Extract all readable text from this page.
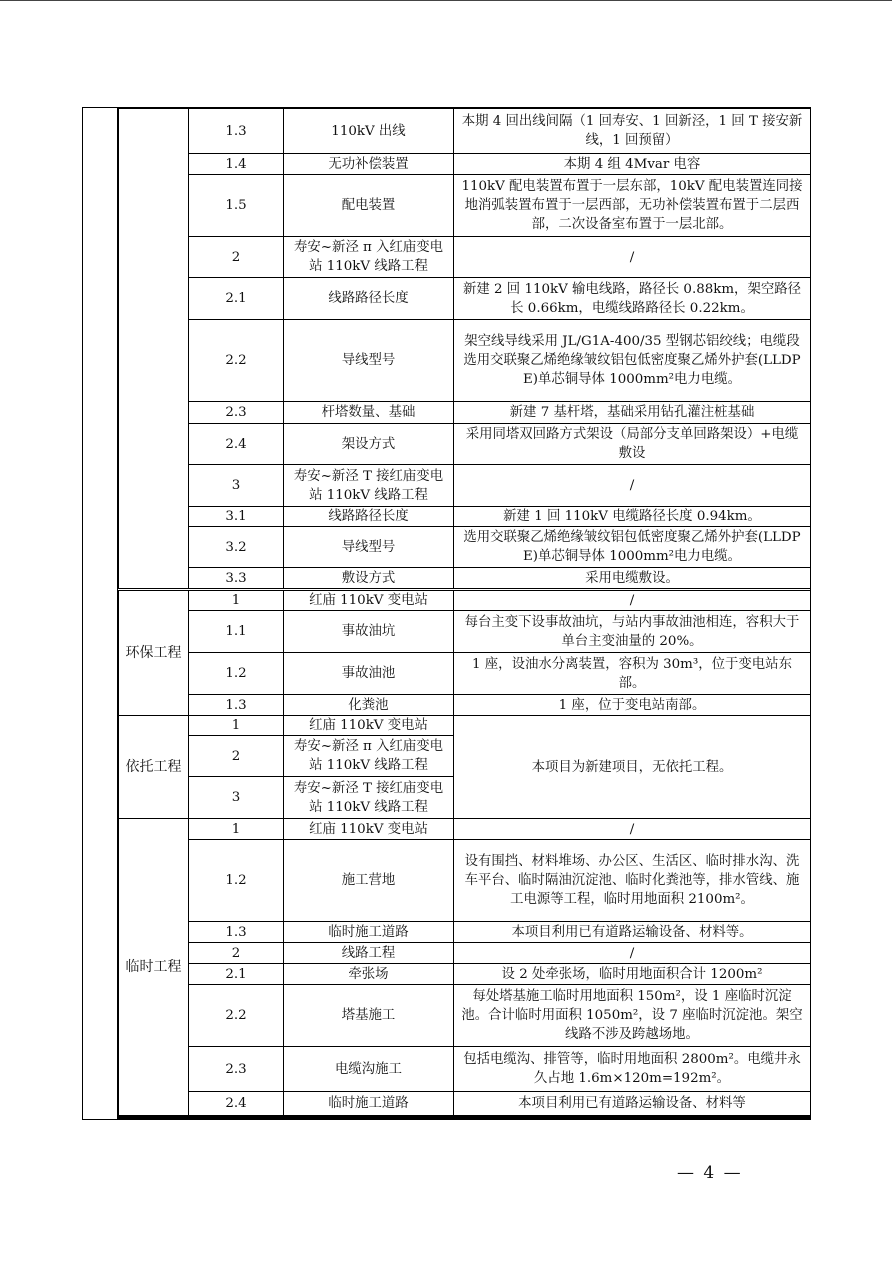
	1.3	110kV 出线	本期 4 回出线间隔（1 回寿安、1 回新泾，1 回 T 接安新线，1 回预留）
	1.4	无功补偿装置	本期 4 组 4Mvar 电容
	1.5	配电装置	110kV 配电装置布置于一层东部，10kV 配电装置连同接地消弧装置布置于一层西部，无功补偿装置布置于二层西部，二次设备室布置于一层北部。
	2	寿安~新泾 π 入红庙变电站 110kV 线路工程	/
	2.1	线路路径长度	新建 2 回 110kV 输电线路，路径长 0.88km，架空路径长 0.66km，电缆线路路径长 0.22km。
	2.2	导线型号	架空线导线采用 JL/G1A-400/35 型钢芯铝绞线；电缆段选用交联聚乙烯绝缘皱纹铝包低密度聚乙烯外护套(LLDPE)单芯铜导体 1000mm²电力电缆。
	2.3	杆塔数量、基础	新建 7 基杆塔，基础采用钻孔灌注桩基础
	2.4	架设方式	采用同塔双回路方式架设（局部分支单回路架设）+电缆敷设
	3	寿安~新泾 T 接红庙变电站 110kV 线路工程	/
	3.1	线路路径长度	新建 1 回 110kV 电缆路径长度 0.94km。
	3.2	导线型号	选用交联聚乙烯绝缘皱纹铝包低密度聚乙烯外护套(LLDPE)单芯铜导体 1000mm²电力电缆。
	3.3	敷设方式	采用电缆敷设。
环保工程	1	红庙 110kV 变电站	/
	1.1	事故油坑	每台主变下设事故油坑，与站内事故油池相连，容积大于单台主变油量的 20%。
	1.2	事故油池	1 座，设油水分离装置，容积为 30m³，位于变电站东部。
	1.3	化粪池	1 座，位于变电站南部。
依托工程	1	红庙 110kV 变电站	本项目为新建项目，无依托工程。
	2	寿安~新泾 π 入红庙变电站 110kV 线路工程	
	3	寿安~新泾 T 接红庙变电站 110kV 线路工程	
临时工程	1	红庙 110kV 变电站	/
	1.2	施工营地	设有围挡、材料堆场、办公区、生活区、临时排水沟、洗车平台、临时隔油沉淀池、临时化粪池等，排水管线、施工电源等工程，临时用地面积 2100m²。
	1.3	临时施工道路	本项目利用已有道路运输设备、材料等。
	2	线路工程	/
	2.1	牵张场	设 2 处牵张场，临时用地面积合计 1200m²
	2.2	塔基施工	每处塔基施工临时用地面积 150m²，设 1 座临时沉淀池。合计临时用面积 1050m²，设 7 座临时沉淀池。架空线路不涉及跨越场地。
	2.3	电缆沟施工	包括电缆沟、排管等，临时用地面积 2800m²。电缆井永久占地 1.6m×120m=192m²。
	2.4	临时施工道路	本项目利用已有道路运输设备、材料等
— 4 —
